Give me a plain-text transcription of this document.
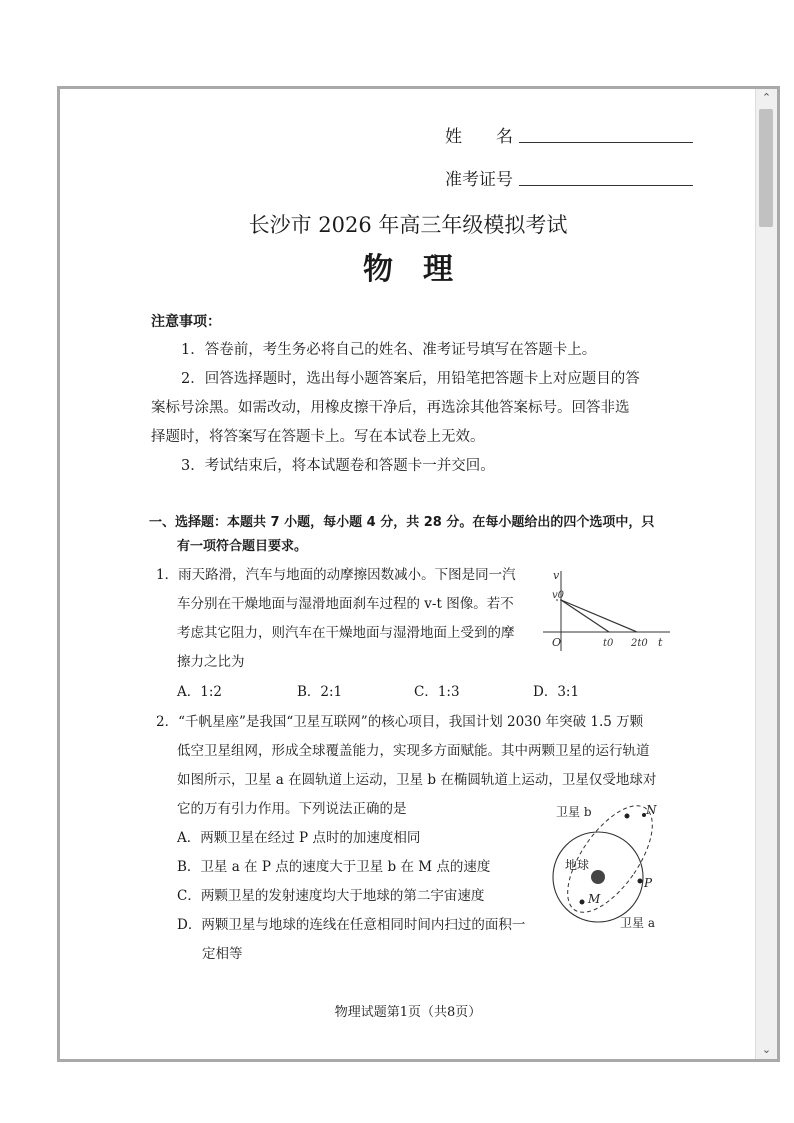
姓　　名
准考证号
长沙市 2026 年高三年级模拟考试
物理
注意事项：
1．答卷前，考生务必将自己的姓名、准考证号填写在答题卡上。
2．回答选择题时，选出每小题答案后，用铅笔把答题卡上对应题目的答
案标号涂黑。如需改动，用橡皮擦干净后，再选涂其他答案标号。回答非选
择题时，将答案写在答题卡上。写在本试卷上无效。
3．考试结束后，将本试题卷和答题卡一并交回。
一、选择题：本题共 7 小题，每小题 4 分，共 28 分。在每小题给出的四个选项中，只
有一项符合题目要求。
1．雨天路滑，汽车与地面的动摩擦因数减小。下图是同一汽
车分别在干燥地面与湿滑地面刹车过程的 v-t 图像。若不
考虑其它阻力，则汽车在干燥地面与湿滑地面上受到的摩
擦力之比为
v
v0
O	t0 2t0 t
A．1:2	B．2:1	C．1:3	D．3:1
2．“千帆星座”是我国“卫星互联网”的核心项目，我国计划 2030 年突破 1.5 万颗
低空卫星组网，形成全球覆盖能力，实现多方面赋能。其中两颗卫星的运行轨道
如图所示，卫星 a 在圆轨道上运动，卫星 b 在椭圆轨道上运动，卫星仅受地球对
它的万有引力作用。下列说法正确的是
A．两颗卫星在经过 P 点时的加速度相同
B．卫星 a 在 P 点的速度大于卫星 b 在 M 点的速度
C．两颗卫星的发射速度均大于地球的第二宇宙速度
D．两颗卫星与地球的连线在任意相同时间内扫过的面积一
定相等
卫星 b	N
地球
P
M
卫星 a
物理试题第1页（共8页）
⌃
⌄
